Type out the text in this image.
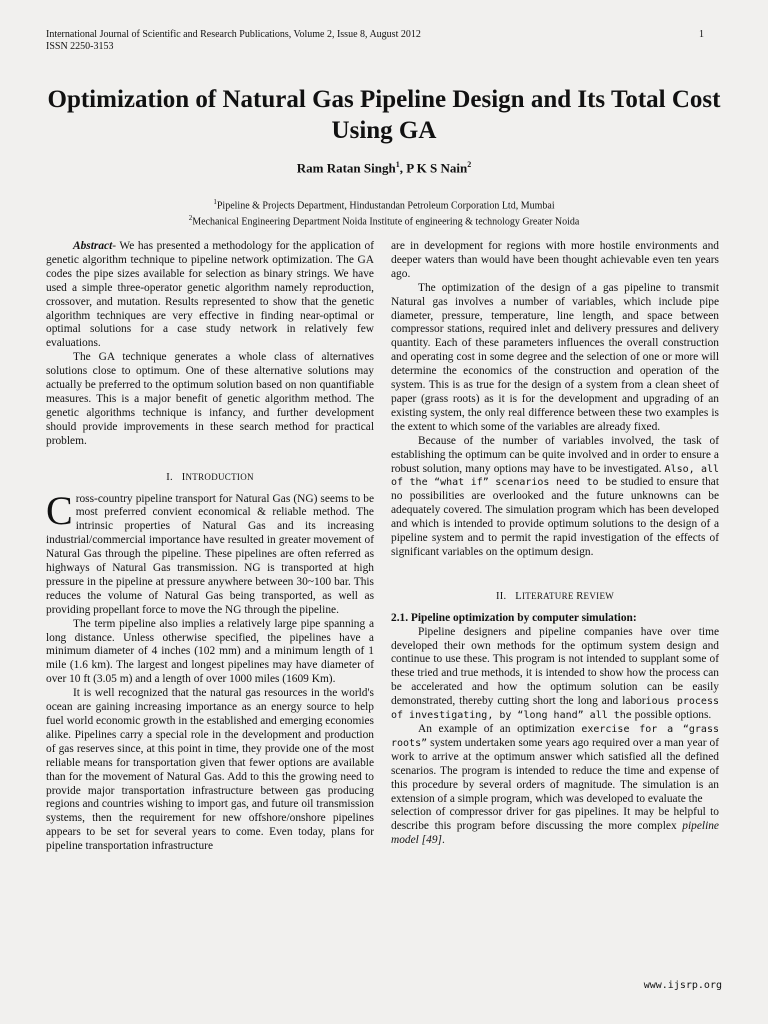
International Journal of Scientific and Research Publications, Volume 2, Issue 8, August 2012
ISSN 2250-3153
1
Optimization of Natural Gas Pipeline Design and Its Total Cost Using GA
Ram Ratan Singh$^1$, P K S Nain$^2$
$^1$Pipeline & Projects Department, Hindustandan Petroleum Corporation Ltd, Mumbai
$^2$Mechanical Engineering Department Noida Institute of engineering & technology Greater Noida

Abstract- We has presented a methodology for the application of genetic algorithm technique to pipeline network optimization. The GA codes the pipe sizes available for selection as binary strings. We have used a simple three-operator genetic algorithm namely reproduction, crossover, and mutation. Results represented to show that the genetic algorithm techniques are very effective in finding near-optimal or optimal solutions for a case study network in relatively few evaluations.

The GA technique generates a whole class of alternatives solutions close to optimum. One of these alternative solutions may actually be preferred to the optimum solution based on non quantifiable measures. This is a major benefit of genetic algorithm method. The genetic algorithms technique is infancy, and further development should provide improvements in these search method for practical problem.

I. INTRODUCTION

Cross-country pipeline transport for Natural Gas (NG) seems to be most preferred convient economical & reliable method. The intrinsic properties of Natural Gas and its increasing industrial/commercial importance have resulted in greater movement of Natural Gas through the pipeline. These pipelines are often referred as highways of Natural Gas transmission. NG is transported at high pressure in the pipeline at pressure anywhere between 30~100 bar. This reduces the volume of Natural Gas being transported, as well as providing propellant force to move the NG through the pipeline.

The term pipeline also implies a relatively large pipe spanning a long distance. Unless otherwise specified, the pipelines have a minimum diameter of 4 inches (102 mm) and a minimum length of 1 mile (1.6 km). The largest and longest pipelines may have diameter of over 10 ft (3.05 m) and a length of over 1000 miles (1609 Km).

It is well recognized that the natural gas resources in the world's ocean are gaining increasing importance as an energy source to help fuel world economic growth in the established and emerging economies alike. Pipelines carry a special role in the development and production of gas reserves since, at this point in time, they provide one of the most reliable means for transportation given that fewer options are available than for the movement of Natural Gas. Add to this the growing need to provide major transportation infrastructure between gas producing regions and countries wishing to import gas, and future oil transmission systems, then the requirement for new offshore/onshore pipelines appears to be set for several years to come. Even today, plans for pipeline transportation infrastructure

are in development for regions with more hostile environments and deeper waters than would have been thought achievable even ten years ago.

The optimization of the design of a gas pipeline to transmit Natural gas involves a number of variables, which include pipe diameter, pressure, temperature, line length, and space between compressor stations, required inlet and delivery pressures and delivery quantity. Each of these parameters influences the overall construction and operating cost in some degree and the selection of one or more will determine the economics of the construction and operation of the system. This is as true for the design of a system from a clean sheet of paper (grass roots) as it is for the development and upgrading of an existing system, the only real difference between these two examples is the extent to which some of the variables are already fixed.

Because of the number of variables involved, the task of establishing the optimum can be quite involved and in order to ensure a robust solution, many options may have to be investigated. Also, all of the “what if” scenarios need to be studied to ensure that no possibilities are overlooked and the future unknowns can be adequately covered. The simulation program which has been developed and which is intended to provide optimum solutions to the design of a pipeline system and to permit the rapid investigation of the effects of significant variables on the optimum design.

II. LITERATURE REVIEW

2.1. Pipeline optimization by computer simulation:

Pipeline designers and pipeline companies have over time developed their own methods for the optimum system design and continue to use these. This program is not intended to supplant some of these tried and true methods, it is intended to show how the process can be accelerated and how the optimum solution can be easily demonstrated, thereby cutting short the long and laborious process of investigating, by “long hand” all the possible options.

An example of an optimization exercise for a “grass roots” system undertaken some years ago required over a man year of work to arrive at the optimum answer which satisfied all the defined scenarios. The program is intended to reduce the time and expense of this procedure by several orders of magnitude. The simulation is an extension of a simple program, which was developed to evaluate the

selection of compressor driver for gas pipelines. It may be helpful to describe this program before discussing the more complex pipeline model [49].

www.ijsrp.org
